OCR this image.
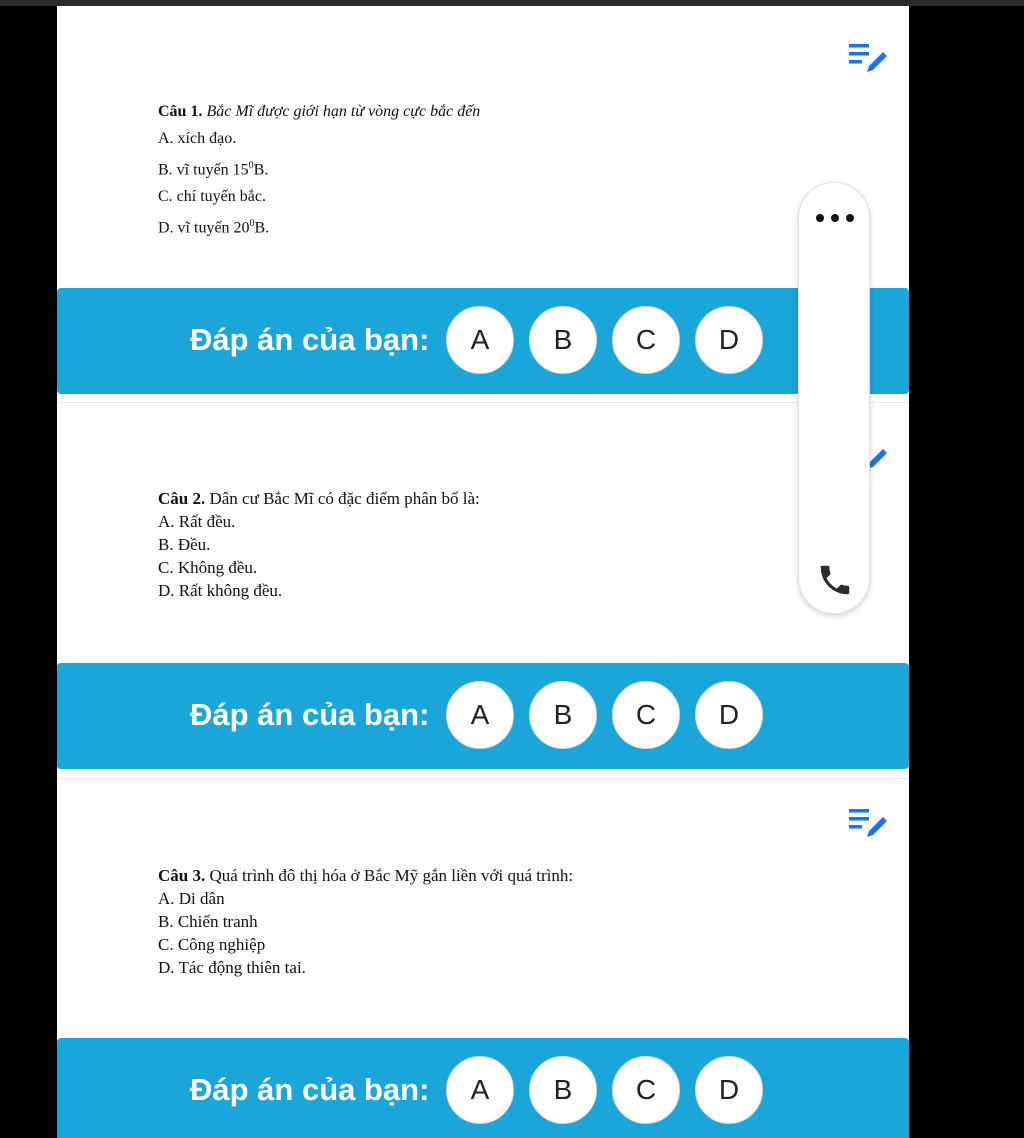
Câu 1. Bắc Mĩ được giới hạn từ vòng cực bắc đến
A. xích đạo.
B. vĩ tuyến $15^0B$.
C. chí tuyến bắc.
D. vĩ tuyến $20^0B$.
Đáp án của bạn:	A	B	C	D
Câu 2. Dân cư Bắc Mĩ có đặc điểm phân bố là:
A. Rất đều.
B. Đều.
C. Không đều.
D. Rất không đều.
Đáp án của bạn:	A	B	C	D
Câu 3. Quá trình đô thị hóa ở Bắc Mỹ gắn liền với quá trình:
A. Di dân
B. Chiến tranh
C. Công nghiệp
D. Tác động thiên tai.
Đáp án của bạn:	A	B	C	D
